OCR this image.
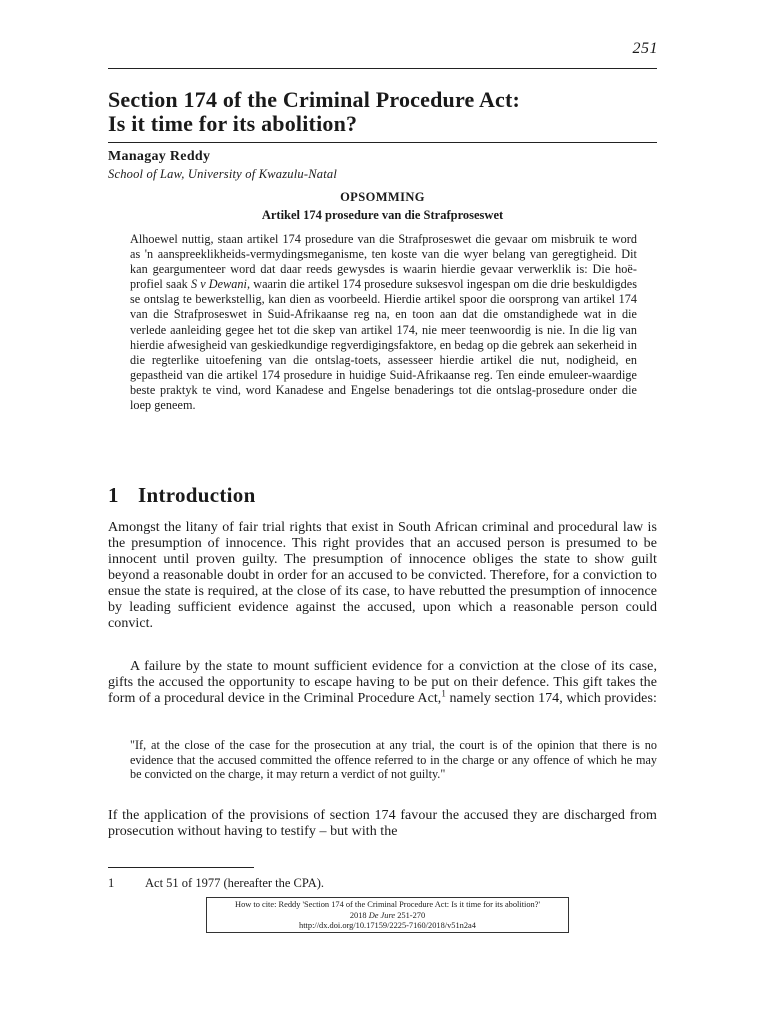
251
Section 174 of the Criminal Procedure Act:
Is it time for its abolition?
Managay Reddy
School of Law, University of Kwazulu-Natal
OPSOMMING
Artikel 174 prosedure van die Strafproseswet
Alhoewel nuttig, staan artikel 174 prosedure van die Strafproseswet die gevaar om misbruik te word as 'n aanspreeklikheids-vermydingsmeganisme, ten koste van die wyer belang van geregtigheid. Dit kan geargumenteer word dat daar reeds gewysdes is waarin hierdie gevaar verwerklik is: Die hoë-profiel saak S v Dewani, waarin die artikel 174 prosedure suksesvol ingespan om die drie beskuldigdes se ontslag te bewerkstellig, kan dien as voorbeeld. Hierdie artikel spoor die oorsprong van artikel 174 van die Strafproseswet in Suid-Afrikaanse reg na, en toon aan dat die omstandighede wat in die verlede aanleiding gegee het tot die skep van artikel 174, nie meer teenwoordig is nie. In die lig van hierdie afwesigheid van geskiedkundige regverdigingsfaktore, en bedag op die gebrek aan sekerheid in die regterlike uitoefening van die ontslag-toets, assesseer hierdie artikel die nut, nodigheid, en gepastheid van die artikel 174 prosedure in huidige Suid-Afrikaanse reg. Ten einde emuleer-waardige beste praktyk te vind, word Kanadese and Engelse benaderings tot die ontslag-prosedure onder die loep geneem.
1 Introduction
Amongst the litany of fair trial rights that exist in South African criminal and procedural law is the presumption of innocence. This right provides that an accused person is presumed to be innocent until proven guilty. The presumption of innocence obliges the state to show guilt beyond a reasonable doubt in order for an accused to be convicted. Therefore, for a conviction to ensue the state is required, at the close of its case, to have rebutted the presumption of innocence by leading sufficient evidence against the accused, upon which a reasonable person could convict.
A failure by the state to mount sufficient evidence for a conviction at the close of its case, gifts the accused the opportunity to escape having to be put on their defence. This gift takes the form of a procedural device in the Criminal Procedure Act,$^1$ namely section 174, which provides:
"If, at the close of the case for the prosecution at any trial, the court is of the opinion that there is no evidence that the accused committed the offence referred to in the charge or any offence of which he may be convicted on the charge, it may return a verdict of not guilty."
If the application of the provisions of section 174 favour the accused they are discharged from prosecution without having to testify – but with the
1 Act 51 of 1977 (hereafter the CPA).
How to cite: Reddy 'Section 174 of the Criminal Procedure Act: Is it time for its abolition?'
2018 De Jure 251-270
http://dx.doi.org/10.17159/2225-7160/2018/v51n2a4
